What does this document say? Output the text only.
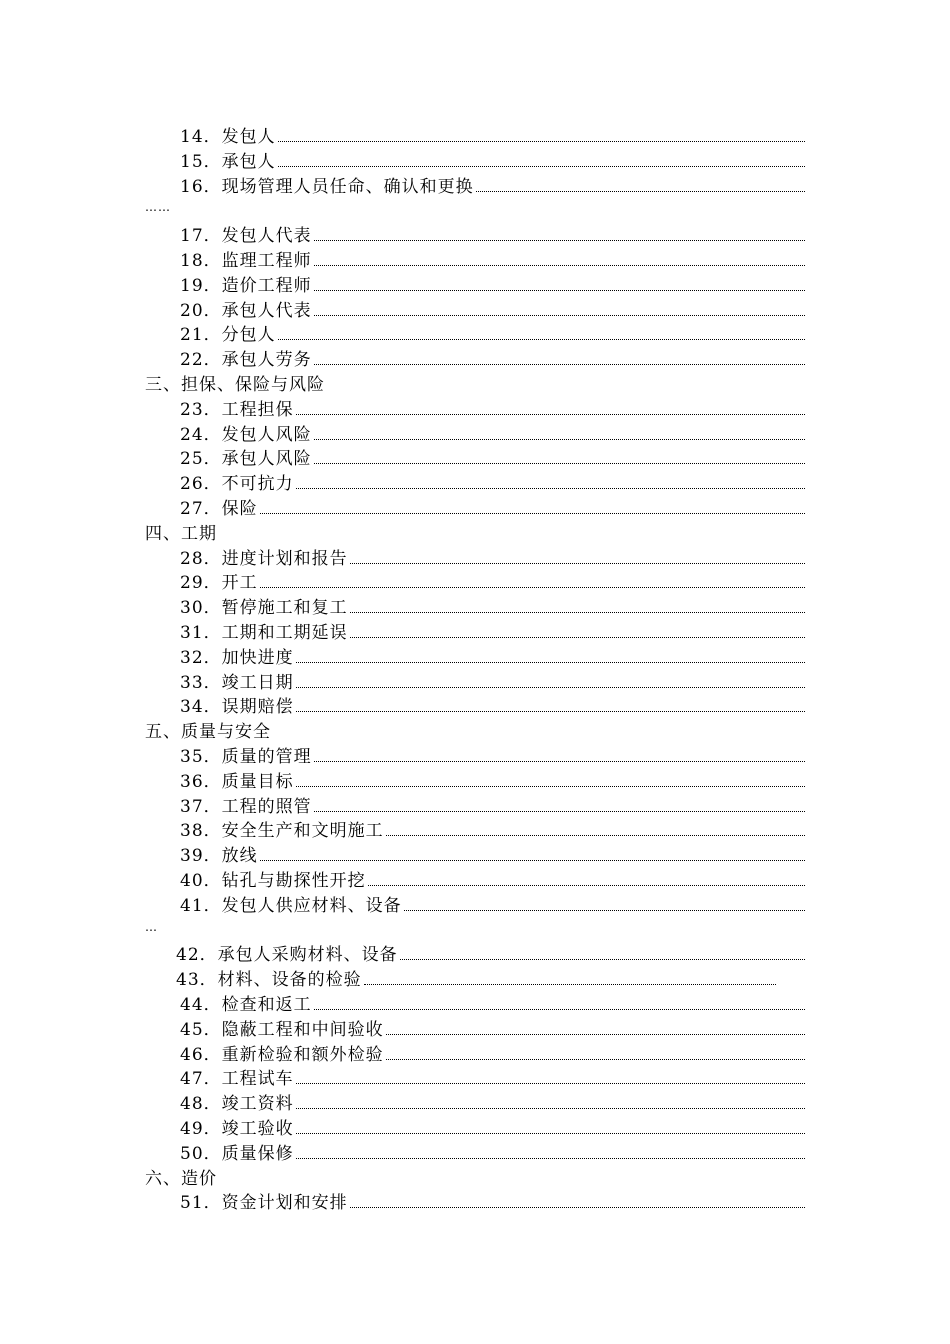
14．发包人
15．承包人
16．现场管理人员任命、确认和更换
……
17．发包人代表
18．监理工程师
19．造价工程师
20．承包人代表
21．分包人
22．承包人劳务
三、担保、保险与风险
23．工程担保
24．发包人风险
25．承包人风险
26．不可抗力
27．保险
四、工期
28．进度计划和报告
29．开工
30．暂停施工和复工
31．工期和工期延误
32．加快进度
33．竣工日期
34．误期赔偿
五、质量与安全
35．质量的管理
36．质量目标
37．工程的照管
38．安全生产和文明施工
39．放线
40．钻孔与勘探性开挖
41．发包人供应材料、设备
…
42．承包人采购材料、设备
43．材料、设备的检验
44．检查和返工
45．隐蔽工程和中间验收
46．重新检验和额外检验
47．工程试车
48．竣工资料
49．竣工验收
50．质量保修
六、造价
51．资金计划和安排
